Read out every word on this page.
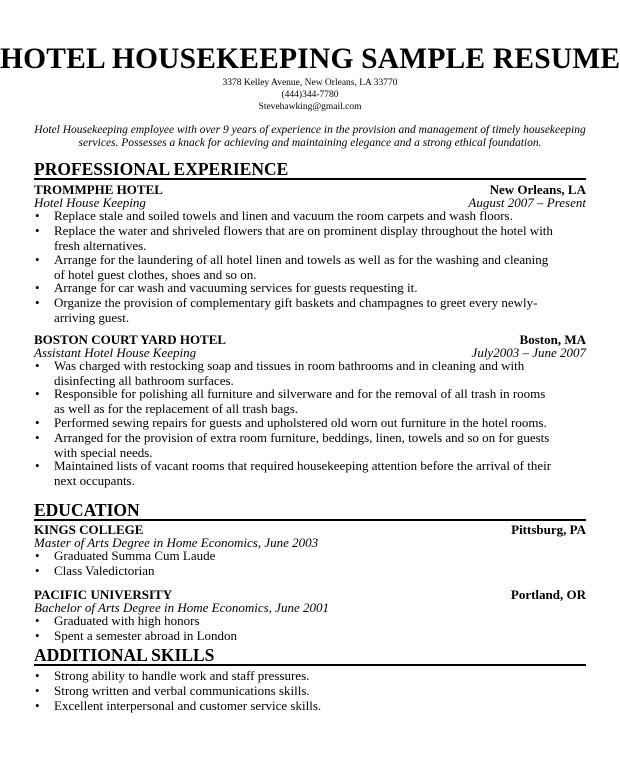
HOTEL HOUSEKEEPING SAMPLE RESUME
3378 Kelley Avenue, New Orleans, LA 33770
(444)344-7780
Stevehawking@gmail.com
Hotel Housekeeping employee with over 9 years of experience in the provision and management of timely housekeeping
services. Possesses a knack for achieving and maintaining elegance and a strong ethical foundation.
PROFESSIONAL EXPERIENCE
TROMMPHE HOTEL	New Orleans, LA
Hotel House Keeping	August 2007 – Present
•	Replace stale and soiled towels and linen and vacuum the room carpets and wash floors.
•	Replace the water and shriveled flowers that are on prominent display throughout the hotel with fresh alternatives.
•	Arrange for the laundering of all hotel linen and towels as well as for the washing and cleaning of hotel guest clothes, shoes and so on.
•	Arrange for car wash and vacuuming services for guests requesting it.
•	Organize the provision of complementary gift baskets and champagnes to greet every newly-arriving guest.
BOSTON COURT YARD HOTEL	Boston, MA
Assistant Hotel House Keeping	July2003 – June 2007
•	Was charged with restocking soap and tissues in room bathrooms and in cleaning and with disinfecting all bathroom surfaces.
•	Responsible for polishing all furniture and silverware and for the removal of all trash in rooms as well as for the replacement of all trash bags.
•	Performed sewing repairs for guests and upholstered old worn out furniture in the hotel rooms.
•	Arranged for the provision of extra room furniture, beddings, linen, towels and so on for guests with special needs.
•	Maintained lists of vacant rooms that required housekeeping attention before the arrival of their next occupants.
EDUCATION
KINGS COLLEGE	Pittsburg, PA
Master of Arts Degree in Home Economics, June 2003
•	Graduated Summa Cum Laude
•	Class Valedictorian
PACIFIC UNIVERSITY	Portland, OR
Bachelor of Arts Degree in Home Economics, June 2001
•	Graduated with high honors
•	Spent a semester abroad in London
ADDITIONAL SKILLS
•	Strong ability to handle work and staff pressures.
•	Strong written and verbal communications skills.
•	Excellent interpersonal and customer service skills.
